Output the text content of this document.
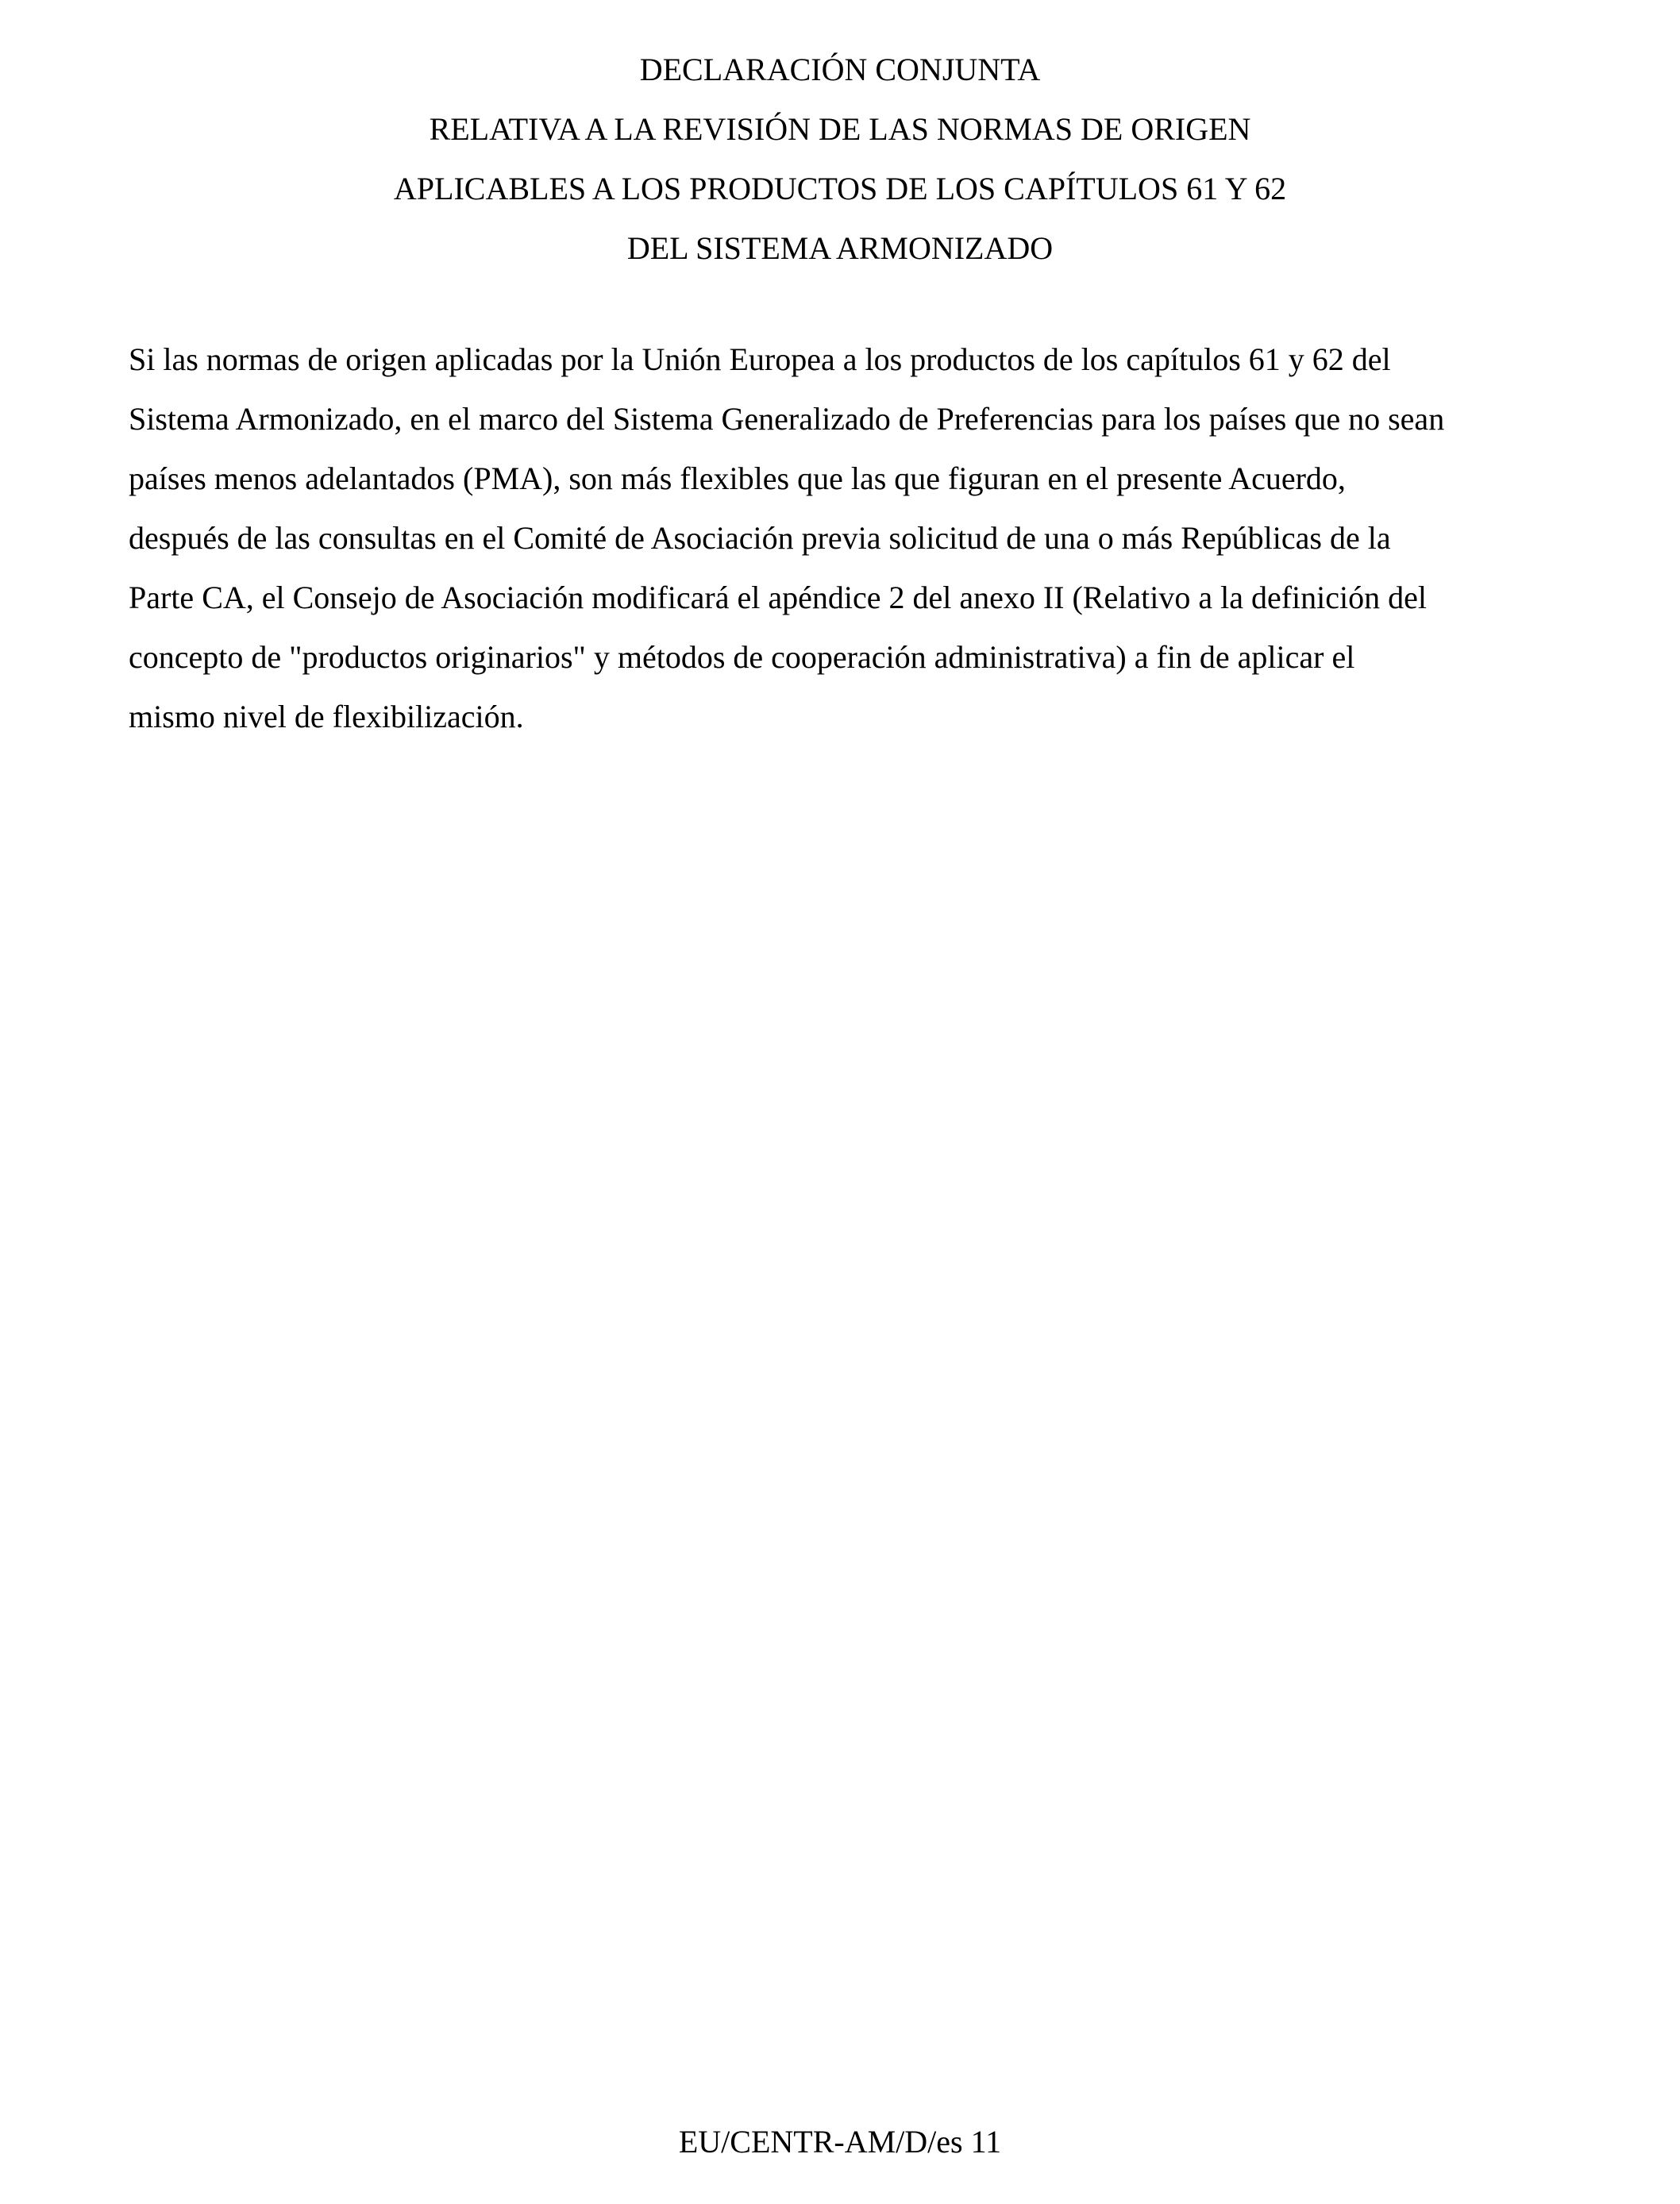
DECLARACIÓN CONJUNTA
RELATIVA A LA REVISIÓN DE LAS NORMAS DE ORIGEN
APLICABLES A LOS PRODUCTOS DE LOS CAPÍTULOS 61 Y 62
DEL SISTEMA ARMONIZADO
Si las normas de origen aplicadas por la Unión Europea a los productos de los capítulos 61 y 62 del
Sistema Armonizado, en el marco del Sistema Generalizado de Preferencias para los países que no sean
países menos adelantados (PMA), son más flexibles que las que figuran en el presente Acuerdo,
después de las consultas en el Comité de Asociación previa solicitud de una o más Repúblicas de la
Parte CA, el Consejo de Asociación modificará el apéndice 2 del anexo II (Relativo a la definición del
concepto de "productos originarios" y métodos de cooperación administrativa) a fin de aplicar el
mismo nivel de flexibilización.
EU/CENTR-AM/D/es 11
